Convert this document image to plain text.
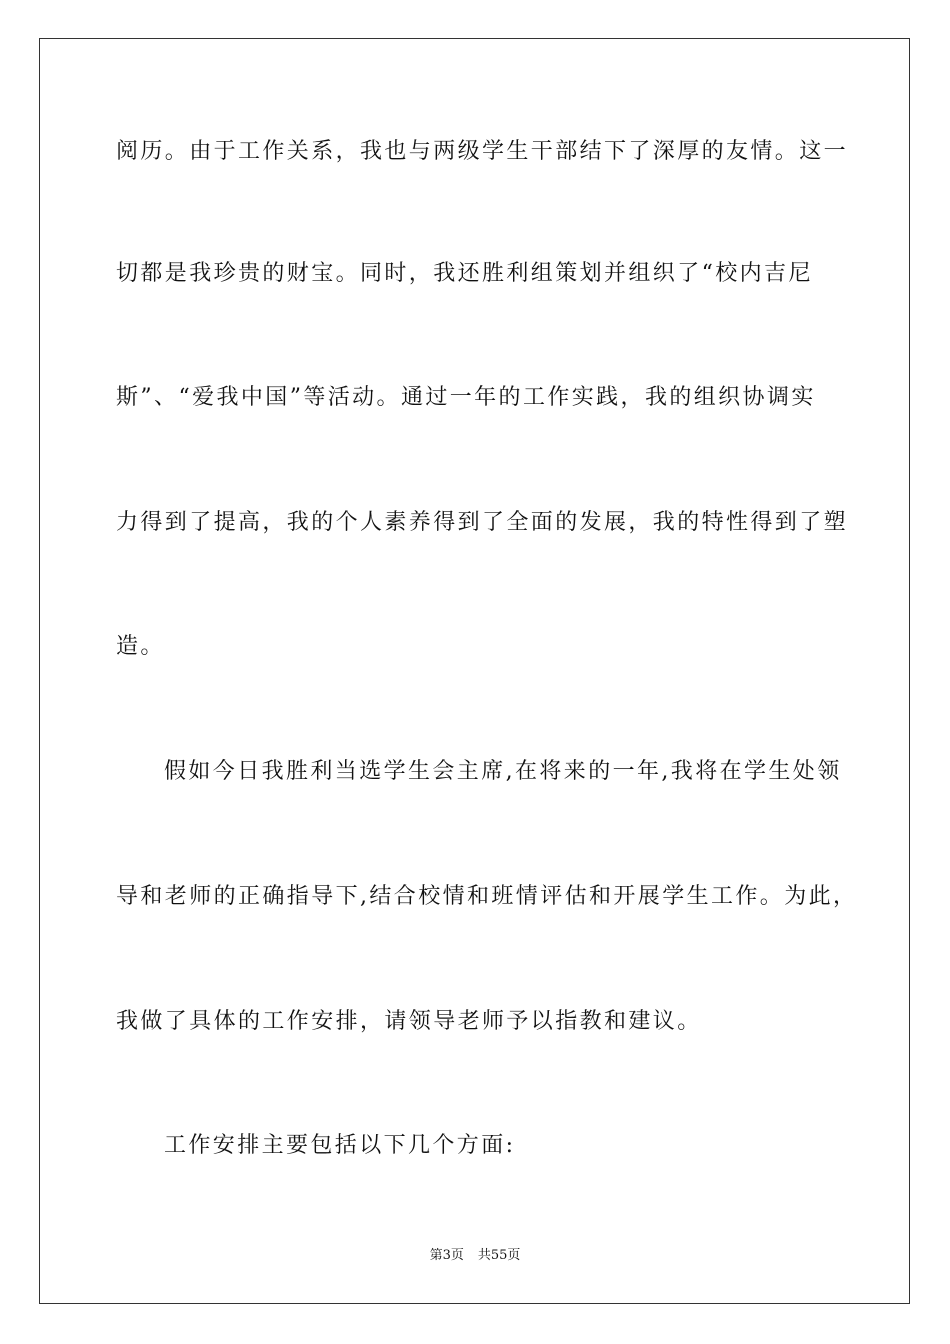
阅历。由于工作关系，我也与两级学生干部结下了深厚的友情。这一
切都是我珍贵的财宝。同时，我还胜利组策划并组织了“校内吉尼
斯”、“爱我中国”等活动。通过一年的工作实践，我的组织协调实
力得到了提高，我的个人素养得到了全面的发展，我的特性得到了塑
造。
假如今日我胜利当选学生会主席,在将来的一年,我将在学生处领
导和老师的正确指导下,结合校情和班情评估和开展学生工作。为此，
我做了具体的工作安排，请领导老师予以指教和建议。
工作安排主要包括以下几个方面:
第3页 共55页
